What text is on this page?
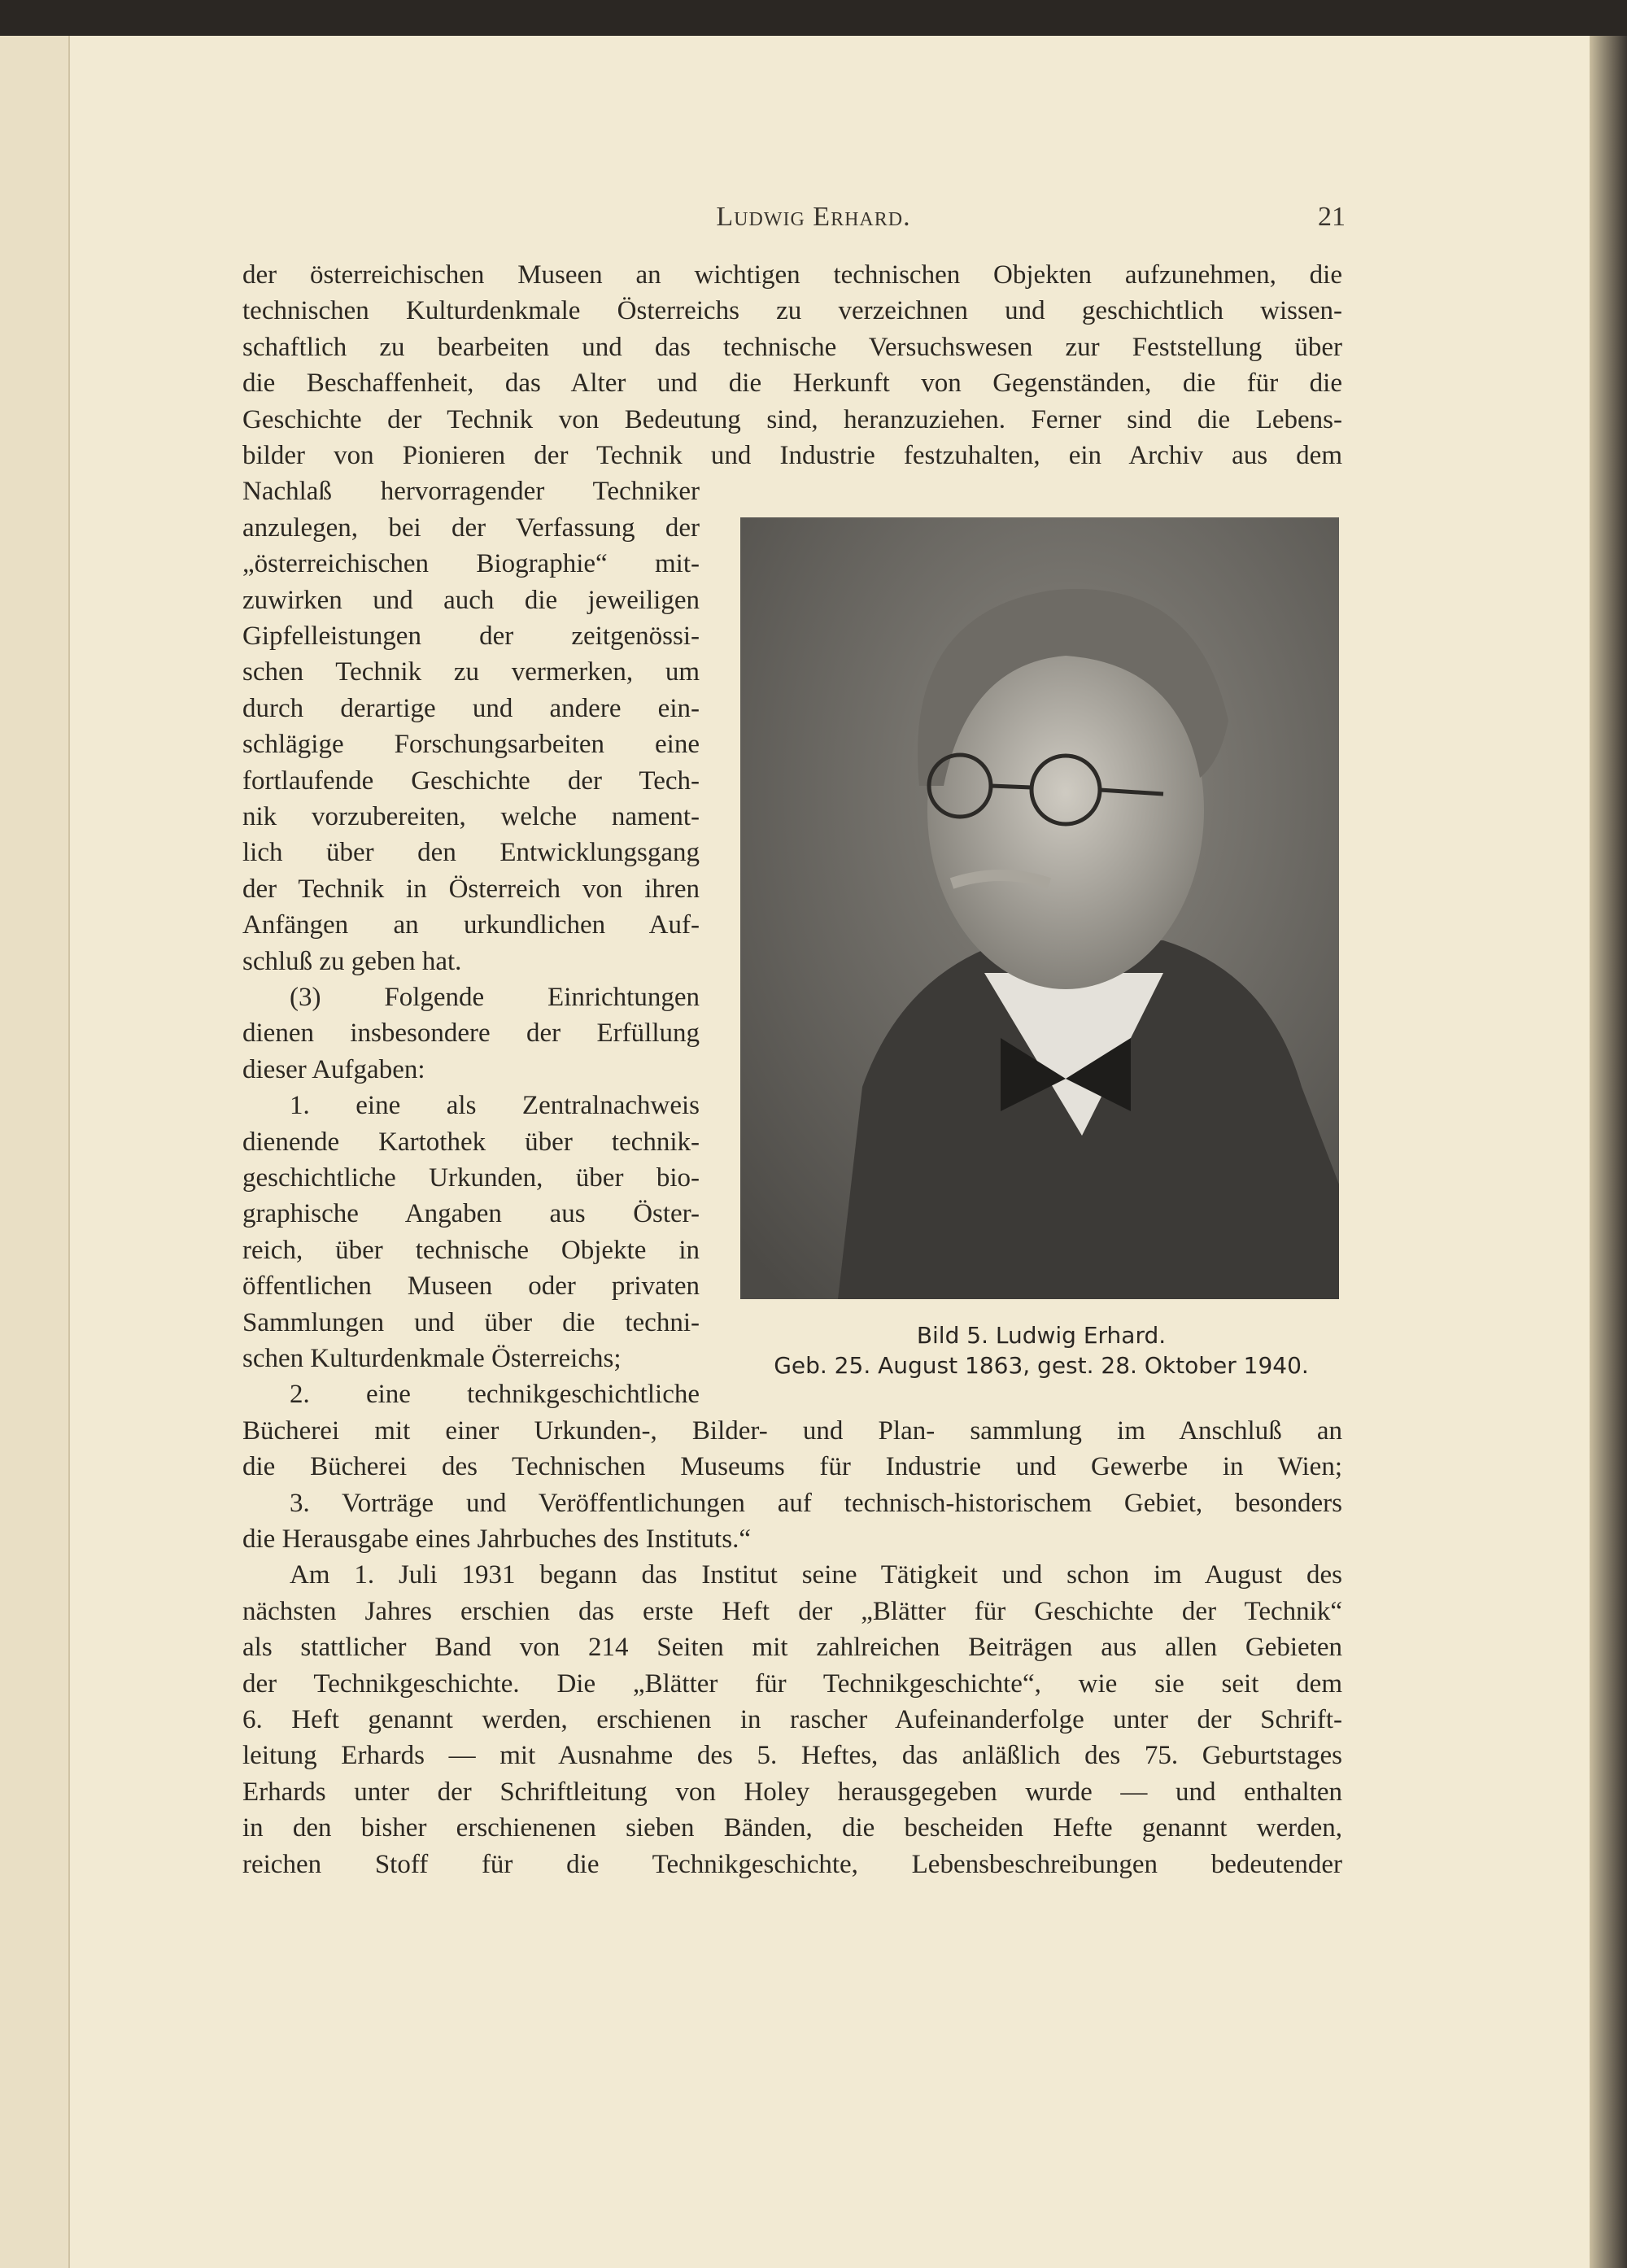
Ludwig Erhard.	21
der österreichischen Museen an wichtigen technischen Objekten aufzunehmen, die
technischen Kulturdenkmale Österreichs zu verzeichnen und geschichtlich wissen-
schaftlich zu bearbeiten und das technische Versuchswesen zur Feststellung über
die Beschaffenheit, das Alter und die Herkunft von Gegenständen, die für die
Geschichte der Technik von Bedeutung sind, heranzuziehen. Ferner sind die Lebens-
bilder von Pionieren der Technik und Industrie festzuhalten, ein Archiv aus dem
Nachlaß hervorragender Techniker
anzulegen, bei der Verfassung der
„österreichischen Biographie“ mit-
zuwirken und auch die jeweiligen
Gipfelleistungen der zeitgenössi-
schen Technik zu vermerken, um
durch derartige und andere ein-
schlägige Forschungsarbeiten eine
fortlaufende Geschichte der Tech-
nik vorzubereiten, welche nament-
lich über den Entwicklungsgang
der Technik in Österreich von ihren
Anfängen an urkundlichen Auf-
schluß zu geben hat.
(3) Folgende Einrichtungen
dienen insbesondere der Erfüllung
dieser Aufgaben:
1. eine als Zentralnachweis
dienende Kartothek über technik-
geschichtliche Urkunden, über bio-
graphische Angaben aus Öster-
reich, über technische Objekte in
öffentlichen Museen oder privaten
Sammlungen und über die techni-
schen Kulturdenkmale Österreichs;
2. eine technikgeschichtliche
Bücherei mit einer Urkunden-, Bilder- und Plan- sammlung im Anschluß an
die Bücherei des Technischen Museums für Industrie und Gewerbe in Wien;
3. Vorträge und Veröffentlichungen auf technisch-historischem Gebiet, besonders
die Herausgabe eines Jahrbuches des Instituts.“
Am 1. Juli 1931 begann das Institut seine Tätigkeit und schon im August des
nächsten Jahres erschien das erste Heft der „Blätter für Geschichte der Technik“
als stattlicher Band von 214 Seiten mit zahlreichen Beiträgen aus allen Gebieten
der Technikgeschichte. Die „Blätter für Technikgeschichte“, wie sie seit dem
6. Heft genannt werden, erschienen in rascher Aufeinanderfolge unter der Schrift-
leitung Erhards — mit Ausnahme des 5. Heftes, das anläßlich des 75. Geburtstages
Erhards unter der Schriftleitung von Holey herausgegeben wurde — und enthalten
in den bisher erschienenen sieben Bänden, die bescheiden Hefte genannt werden,
reichen Stoff für die Technikgeschichte, Lebensbeschreibungen bedeutender
Bild 5. Ludwig Erhard.
Geb. 25. August 1863, gest. 28. Oktober 1940.
